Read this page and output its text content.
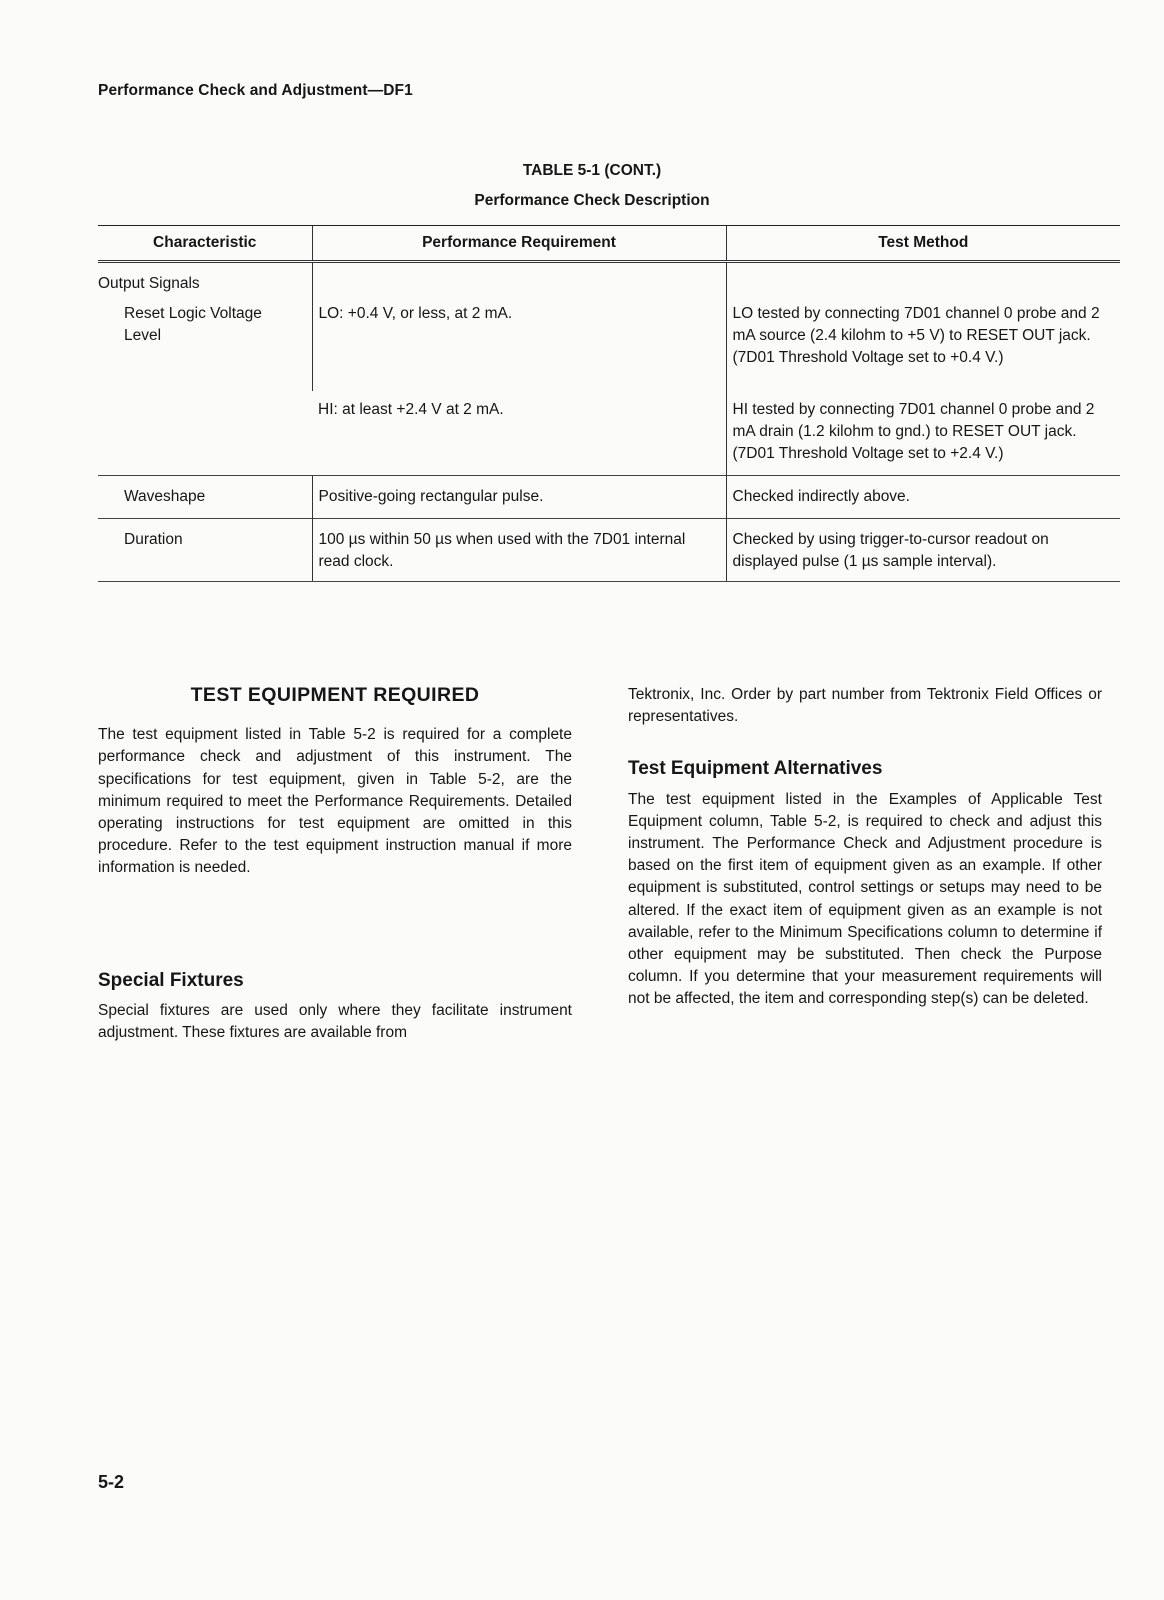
Performance Check and Adjustment—DF1
TABLE 5-1 (CONT.)
Performance Check Description
Characteristic	Performance Requirement	Test Method

Output Signals		

Reset Logic Voltage
Level	LO: +0.4 V, or less, at 2 mA.	LO tested by connecting 7D01 channel 0 probe and 2 mA source (2.4 kilohm to +5 V) to RESET OUT jack. (7D01 Threshold Voltage set to +0.4 V.)

	HI: at least +2.4 V at 2 mA.	HI tested by connecting 7D01 channel 0 probe and 2 mA drain (1.2 kilohm to gnd.) to RESET OUT jack. (7D01 Threshold Voltage set to +2.4 V.)
Waveshape	Positive-going rectangular pulse.	Checked indirectly above.
Duration	100 µs within 50 µs when used with the 7D01 internal read clock.	Checked by using trigger-to-cursor readout on displayed pulse (1 µs sample interval).
TEST EQUIPMENT REQUIRED

The test equipment listed in Table 5-2 is required for a complete performance check and adjustment of this instrument. The specifications for test equipment, given in Table 5-2, are the minimum required to meet the Performance Requirements. Detailed operating instructions for test equipment are omitted in this procedure. Refer to the test equipment instruction manual if more information is needed.

Special Fixtures

Special fixtures are used only where they facilitate instrument adjustment. These fixtures are available from

Tektronix, Inc. Order by part number from Tektronix Field Offices or representatives.

Test Equipment Alternatives

The test equipment listed in the Examples of Applicable Test Equipment column, Table 5-2, is required to check and adjust this instrument. The Performance Check and Adjustment procedure is based on the first item of equipment given as an example. If other equipment is substituted, control settings or setups may need to be altered. If the exact item of equipment given as an example is not available, refer to the Minimum Specifications column to determine if other equipment may be substituted. Then check the Purpose column. If you determine that your measurement requirements will not be affected, the item and corresponding step(s) can be deleted.

5-2
